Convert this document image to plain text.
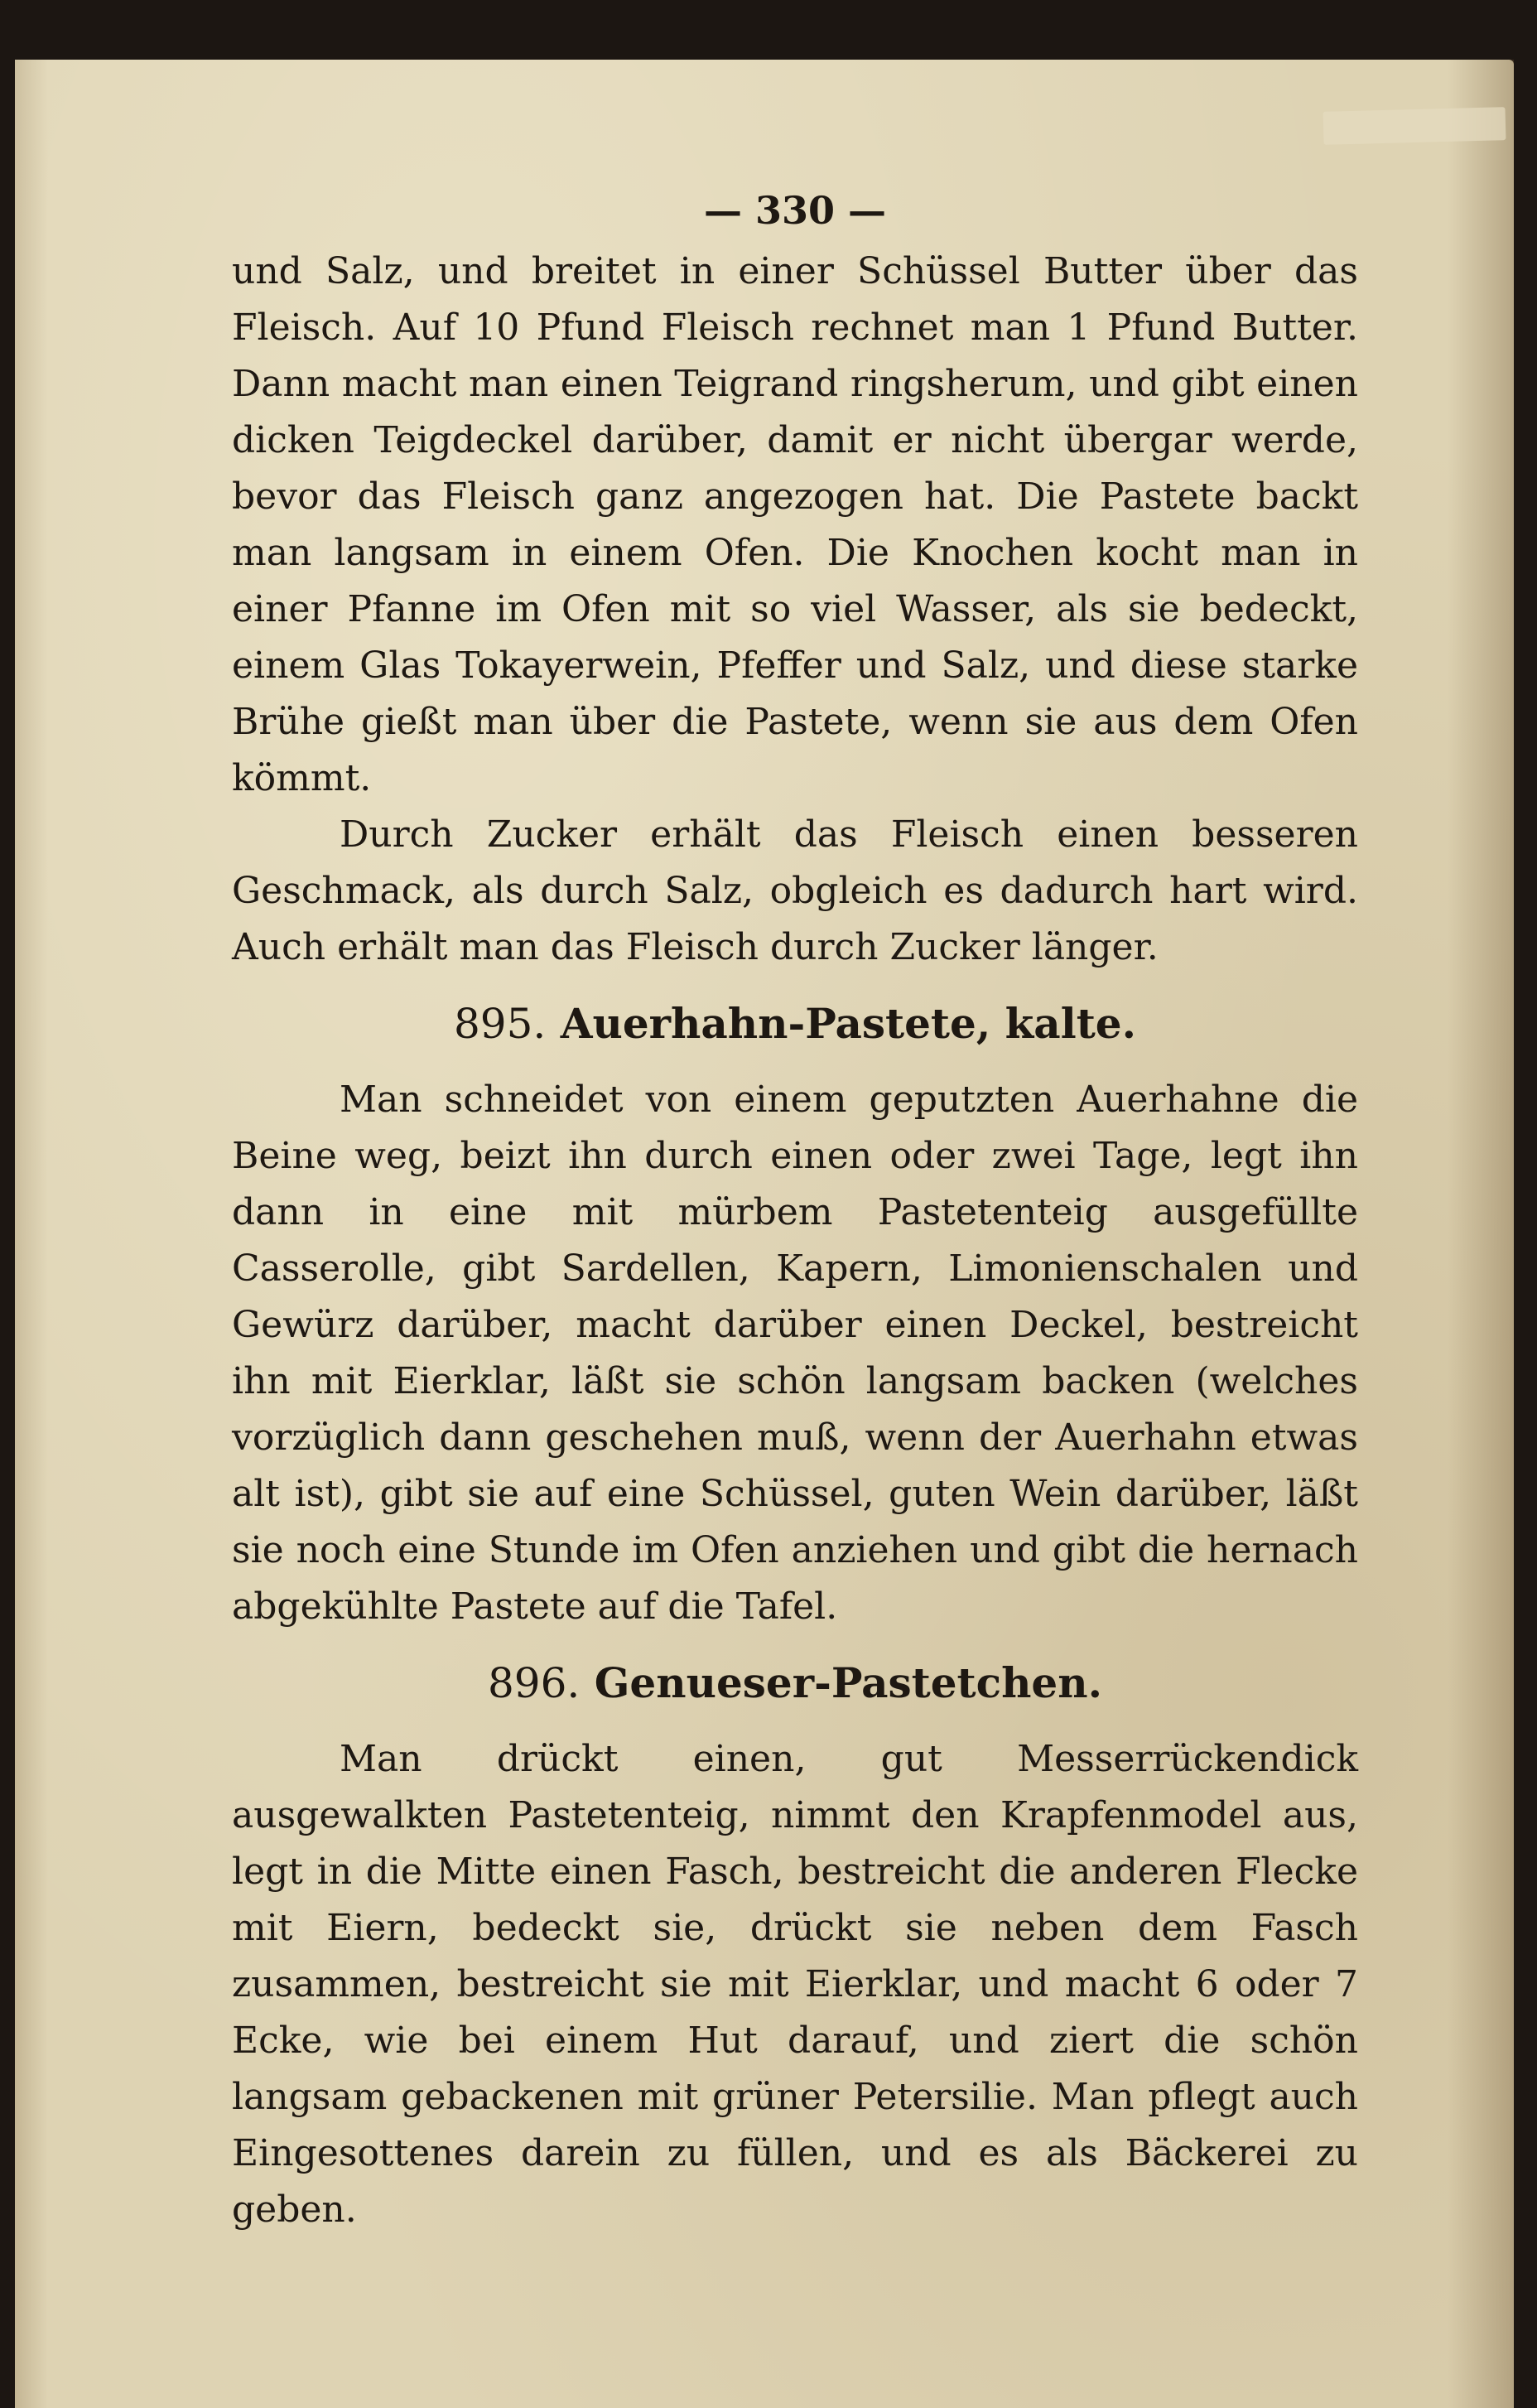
— 330 —

und Salz, und breitet in einer Schüssel Butter über das Fleisch. Auf 10 Pfund Fleisch rechnet man 1 Pfund Butter. Dann macht man einen Teigrand ringsherum, und gibt einen dicken Teigdeckel darüber, damit er nicht übergar werde, bevor das Fleisch ganz angezogen hat. Die Pastete backt man langsam in einem Ofen. Die Knochen kocht man in einer Pfanne im Ofen mit so viel Wasser, als sie bedeckt, einem Glas Tokayerwein, Pfeffer und Salz, und diese starke Brühe gießt man über die Pastete, wenn sie aus dem Ofen kömmt.

Durch Zucker erhält das Fleisch einen besseren Geschmack, als durch Salz, obgleich es dadurch hart wird. Auch erhält man das Fleisch durch Zucker länger.

895. Auerhahn-Pastete, kalte.

Man schneidet von einem geputzten Auerhahne die Beine weg, beizt ihn durch einen oder zwei Tage, legt ihn dann in eine mit mürbem Pastetenteig ausgefüllte Casserolle, gibt Sardellen, Kapern, Limonienschalen und Gewürz darüber, macht darüber einen Deckel, bestreicht ihn mit Eierklar, läßt sie schön langsam backen (welches vorzüglich dann geschehen muß, wenn der Auerhahn etwas alt ist), gibt sie auf eine Schüssel, guten Wein darüber, läßt sie noch eine Stunde im Ofen anziehen und gibt die hernach abgekühlte Pastete auf die Tafel.

896. Genueser-Pastetchen.

Man drückt einen, gut Messerrückendick ausgewalkten Pastetenteig, nimmt den Krapfenmodel aus, legt in die Mitte einen Fasch, bestreicht die anderen Flecke mit Eiern, bedeckt sie, drückt sie neben dem Fasch zusammen, bestreicht sie mit Eierklar, und macht 6 oder 7 Ecke, wie bei einem Hut darauf, und ziert die schön langsam gebackenen mit grüner Petersilie. Man pflegt auch Eingesottenes darein zu füllen, und es als Bäckerei zu geben.
